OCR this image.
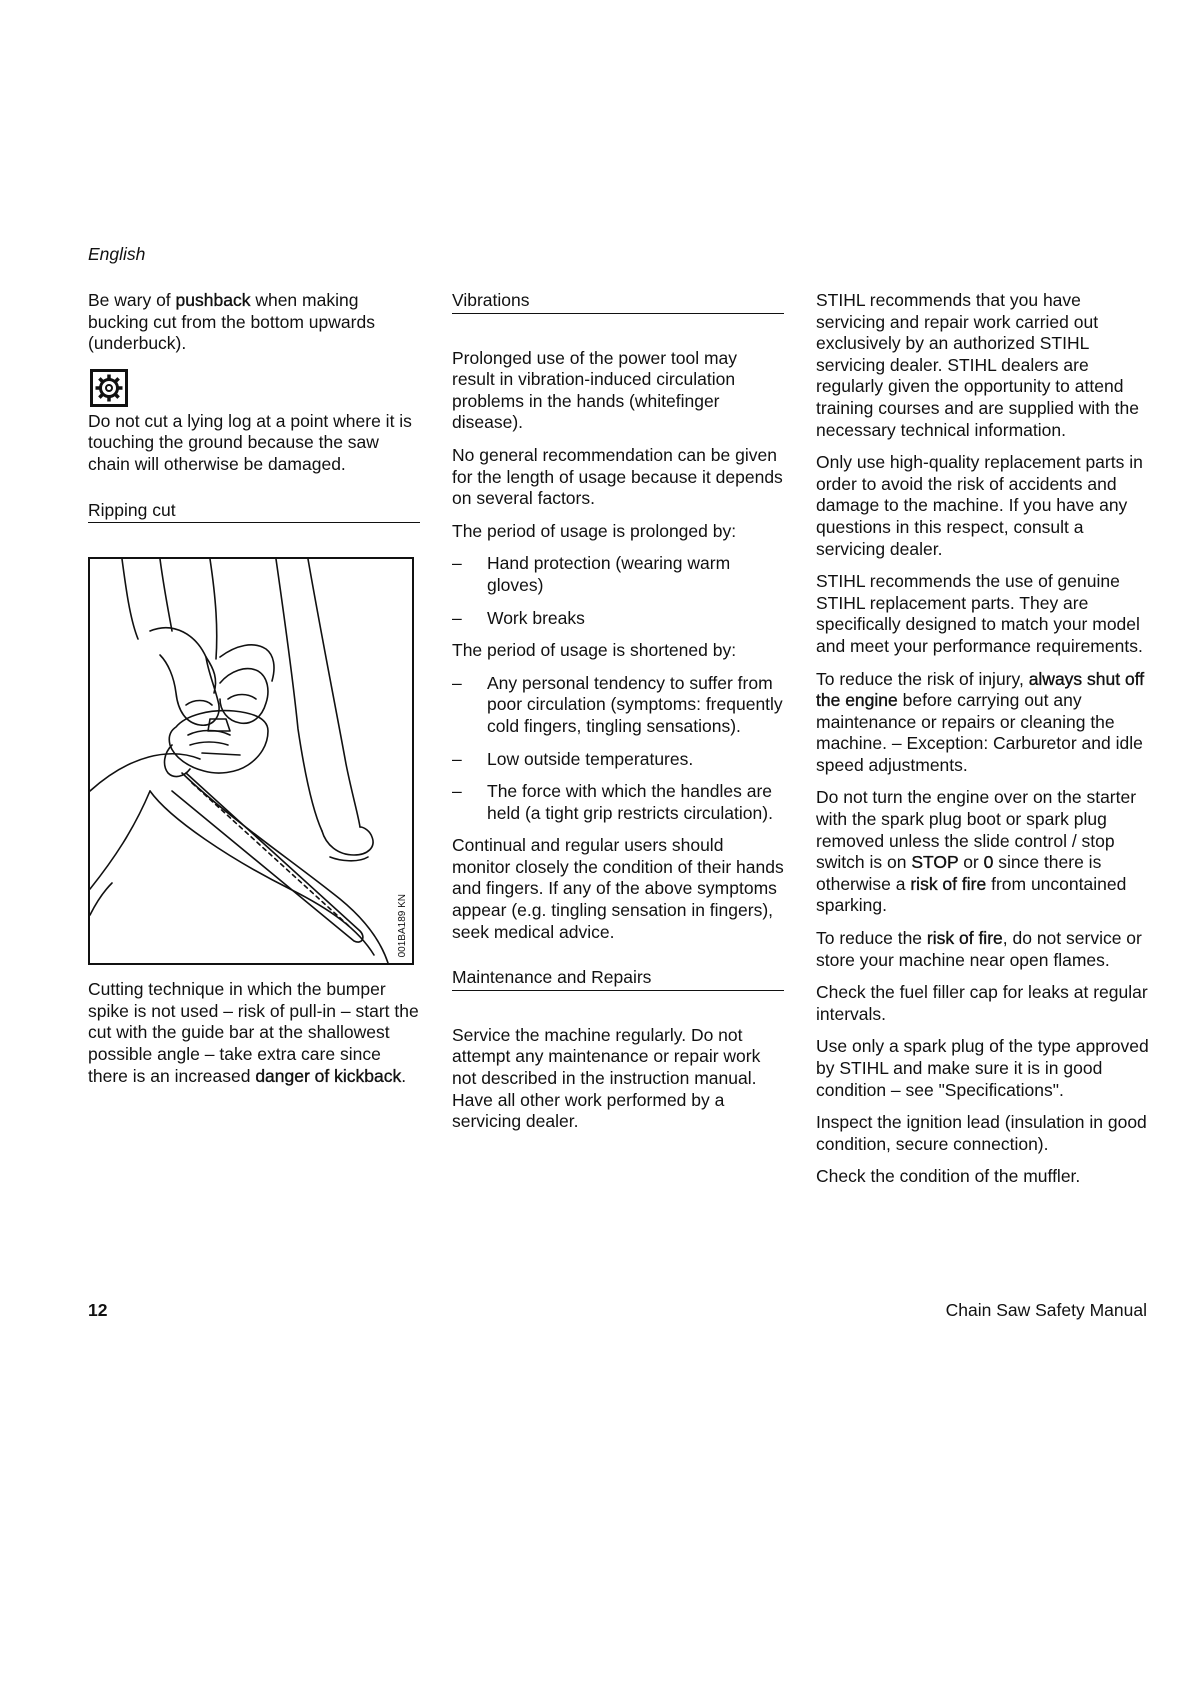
English

Be wary of pushback when making bucking cut from the bottom upwards (underbuck).

Do not cut a lying log at a point where it is touching the ground because the saw chain will otherwise be damaged.

Ripping cut
001BA189 KN

Cutting technique in which the bumper spike is not used – risk of pull-in – start the cut with the guide bar at the shallowest possible angle – take extra care since there is an increased danger of kickback.

Vibrations

Prolonged use of the power tool may result in vibration-induced circulation problems in the hands (whitefinger disease).

No general recommendation can be given for the length of usage because it depends on several factors.

The period of usage is prolonged by:

– Hand protection (wearing warm gloves)
– Work breaks

The period of usage is shortened by:

– Any personal tendency to suffer from poor circulation (symptoms: frequently cold fingers, tingling sensations).
– Low outside temperatures.
– The force with which the handles are held (a tight grip restricts circulation).

Continual and regular users should monitor closely the condition of their hands and fingers. If any of the above symptoms appear (e.g. tingling sensation in fingers), seek medical advice.

Maintenance and Repairs

Service the machine regularly. Do not attempt any maintenance or repair work not described in the instruction manual. Have all other work performed by a servicing dealer.

STIHL recommends that you have servicing and repair work carried out exclusively by an authorized STIHL servicing dealer. STIHL dealers are regularly given the opportunity to attend training courses and are supplied with the necessary technical information.

Only use high-quality replacement parts in order to avoid the risk of accidents and damage to the machine. If you have any questions in this respect, consult a servicing dealer.

STIHL recommends the use of genuine STIHL replacement parts. They are specifically designed to match your model and meet your performance requirements.

To reduce the risk of injury, always shut off the engine before carrying out any maintenance or repairs or cleaning the machine. – Exception: Carburetor and idle speed adjustments.

Do not turn the engine over on the starter with the spark plug boot or spark plug removed unless the slide control / stop switch is on STOP or 0 since there is otherwise a risk of fire from uncontained sparking.

To reduce the risk of fire, do not service or store your machine near open flames.

Check the fuel filler cap for leaks at regular intervals.

Use only a spark plug of the type approved by STIHL and make sure it is in good condition – see "Specifications".

Inspect the ignition lead (insulation in good condition, secure connection).

Check the condition of the muffler.

12	Chain Saw Safety Manual
